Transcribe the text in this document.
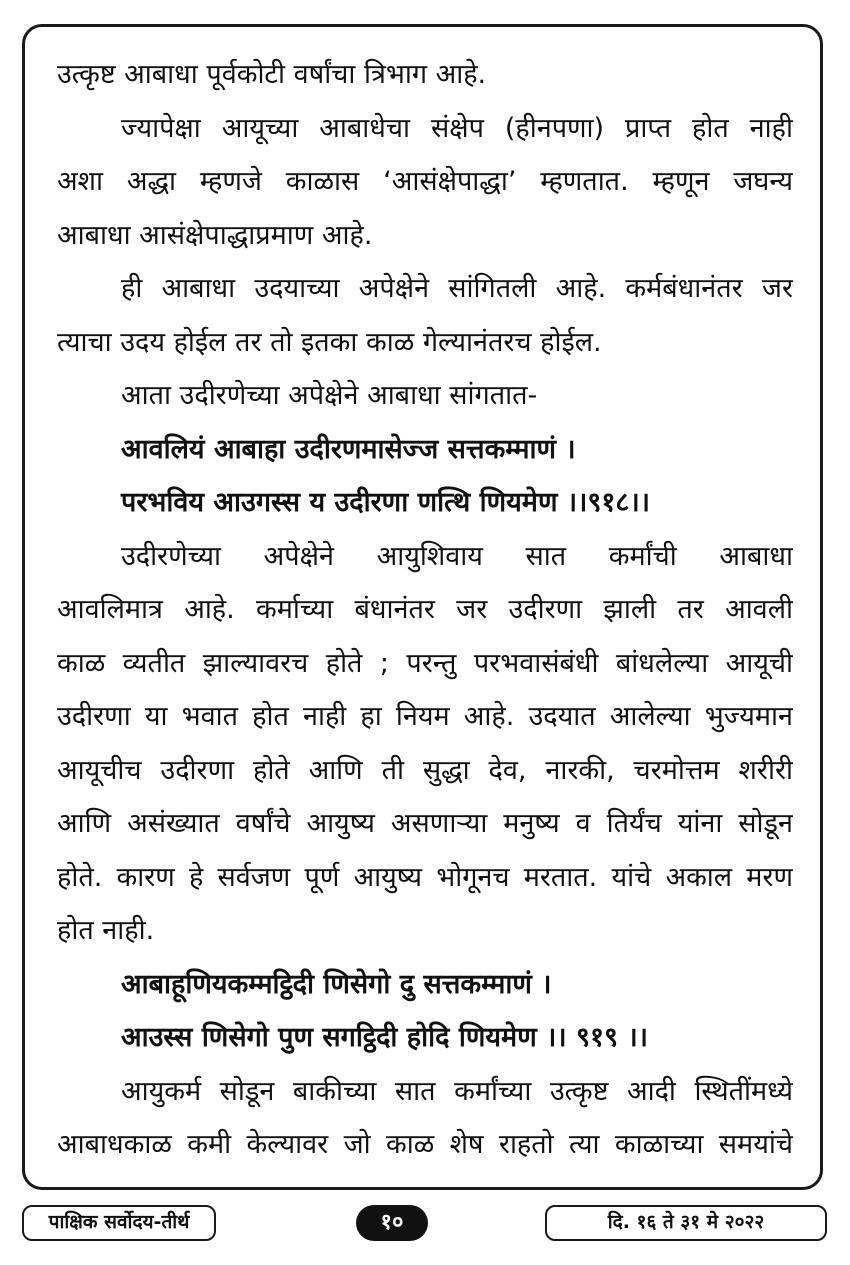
उत्कृष्ट आबाधा पूर्वकोटी वर्षांचा त्रिभाग आहे.
ज्यापेक्षा आयूच्या आबाधेचा संक्षेप (हीनपणा) प्राप्त होत नाही
अशा अद्धा म्हणजे काळास ‘आसंक्षेपाद्धा’ म्हणतात. म्हणून जघन्य
आबाधा आसंक्षेपाद्धाप्रमाण आहे.
ही आबाधा उदयाच्या अपेक्षेने सांगितली आहे. कर्मबंधानंतर जर
त्याचा उदय होईल तर तो इतका काळ गेल्यानंतरच होईल.
आता उदीरणेच्या अपेक्षेने आबाधा सांगतात-
आवलियं आबाहा उदीरणमासेज्ज सत्तकम्माणं ।
परभविय आउगस्स य उदीरणा णत्थि णियमेण ।।९१८।।
उदीरणेच्या अपेक्षेने आयुशिवाय सात कर्मांची आबाधा
आवलिमात्र आहे. कर्माच्या बंधानंतर जर उदीरणा झाली तर आवली
काळ व्यतीत झाल्यावरच होते ; परन्तु परभवासंबंधी बांधलेल्या आयूची
उदीरणा या भवात होत नाही हा नियम आहे. उदयात आलेल्या भुज्यमान
आयूचीच उदीरणा होते आणि ती सुद्धा देव, नारकी, चरमोत्तम शरीरी
आणि असंख्यात वर्षांचे आयुष्य असणाऱ्या मनुष्य व तिर्यंच यांना सोडून
होते. कारण हे सर्वजण पूर्ण आयुष्य भोगूनच मरतात. यांचे अकाल मरण
होत नाही.
आबाहूणियकम्मट्ठिदी णिसेगो दु सत्तकम्माणं ।
आउस्स णिसेगो पुण सगट्ठिदी होदि णियमेण ।। ९१९ ।।
आयुकर्म सोडून बाकीच्या सात कर्मांच्या उत्कृष्ट आदी स्थितींमध्ये
आबाधकाळ कमी केल्यावर जो काळ शेष राहतो त्या काळाच्या समयांचे
पाक्षिक सर्वोदय-तीर्थ	१०	दि. १६ ते ३१ मे २०२२
